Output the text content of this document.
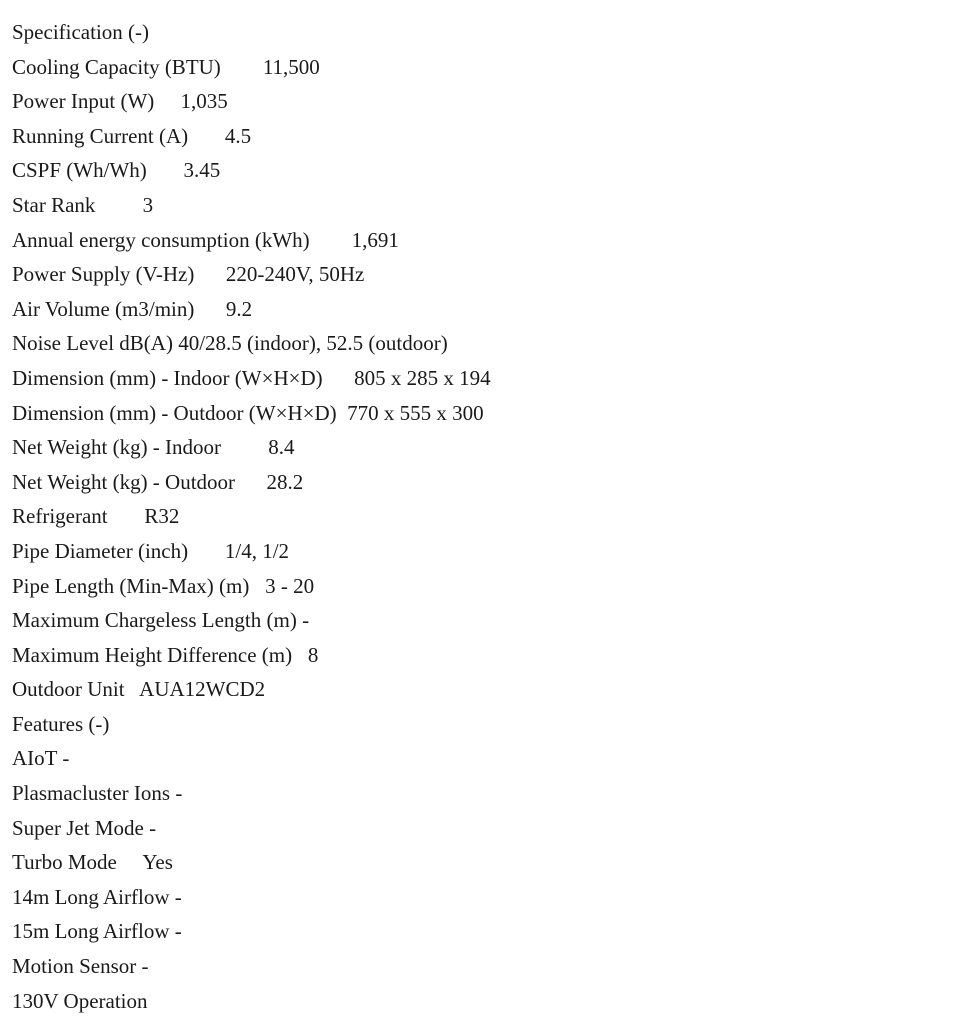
Specification (-)
Cooling Capacity (BTU) 11,500
Power Input (W) 1,035
Running Current (A) 4.5
CSPF (Wh/Wh) 3.45
Star Rank 3
Annual energy consumption (kWh) 1,691
Power Supply (V-Hz) 220-240V, 50Hz
Air Volume (m3/min) 9.2
Noise Level dB(A) 40/28.5 (indoor), 52.5 (outdoor)
Dimension (mm) - Indoor (W×H×D) 805 x 285 x 194
Dimension (mm) - Outdoor (W×H×D) 770 x 555 x 300
Net Weight (kg) - Indoor 8.4
Net Weight (kg) - Outdoor 28.2
Refrigerant R32
Pipe Diameter (inch) 1/4, 1/2
Pipe Length (Min-Max) (m) 3 - 20
Maximum Chargeless Length (m) -
Maximum Height Difference (m) 8
Outdoor Unit AUA12WCD2
Features (-)
AIoT -
Plasmacluster Ions -
Super Jet Mode -
Turbo Mode Yes
14m Long Airflow -
15m Long Airflow -
Motion Sensor -
130V Operation
